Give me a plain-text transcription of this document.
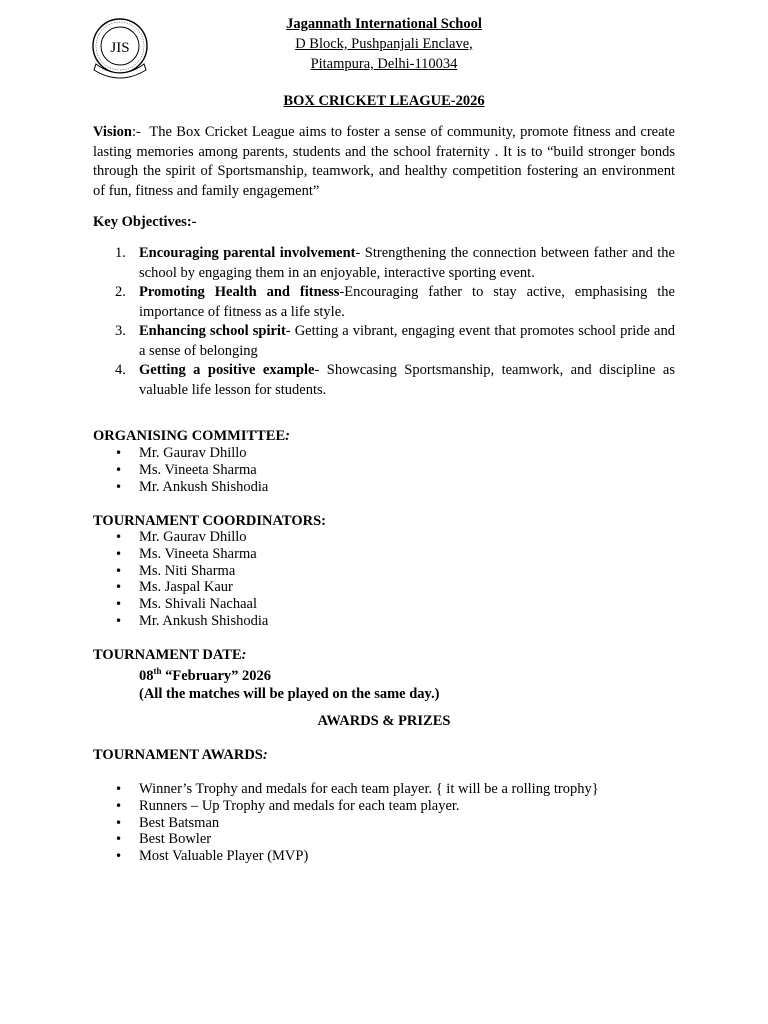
JIS
Jagannath International School
D Block, Pushpanjali Enclave,
Pitampura, Delhi-110034
BOX CRICKET LEAGUE-2026
Vision:-  The Box Cricket League aims to foster a sense of community, promote fitness and create lasting memories among parents, students and the school fraternity . It is to “build stronger bonds through the spirit of Sportsmanship, teamwork, and healthy competition fostering an environment of fun, fitness and family engagement”
Key Objectives:-
1. Encouraging parental involvement- Strengthening the connection between father and the school by engaging them in an enjoyable, interactive sporting event.
2. Promoting Health and fitness-Encouraging father to stay active, emphasising the importance of fitness as a life style.
3. Enhancing school spirit- Getting a vibrant, engaging event that promotes school pride and a sense of belonging
4. Getting a positive example- Showcasing Sportsmanship, teamwork, and discipline as valuable life lesson for students.
ORGANISING COMMITTEE:
• Mr. Gaurav Dhillo
• Ms. Vineeta Sharma
• Mr. Ankush Shishodia
TOURNAMENT COORDINATORS:
• Mr. Gaurav Dhillo
• Ms. Vineeta Sharma
• Ms. Niti Sharma
• Ms. Jaspal Kaur
• Ms. Shivali Nachaal
• Mr. Ankush Shishodia
TOURNAMENT DATE:
08th “February” 2026
(All the matches will be played on the same day.)
AWARDS & PRIZES
TOURNAMENT AWARDS:
• Winner’s Trophy and medals for each team player. { it will be a rolling trophy}
• Runners – Up Trophy and medals for each team player.
• Best Batsman
• Best Bowler
• Most Valuable Player (MVP)
